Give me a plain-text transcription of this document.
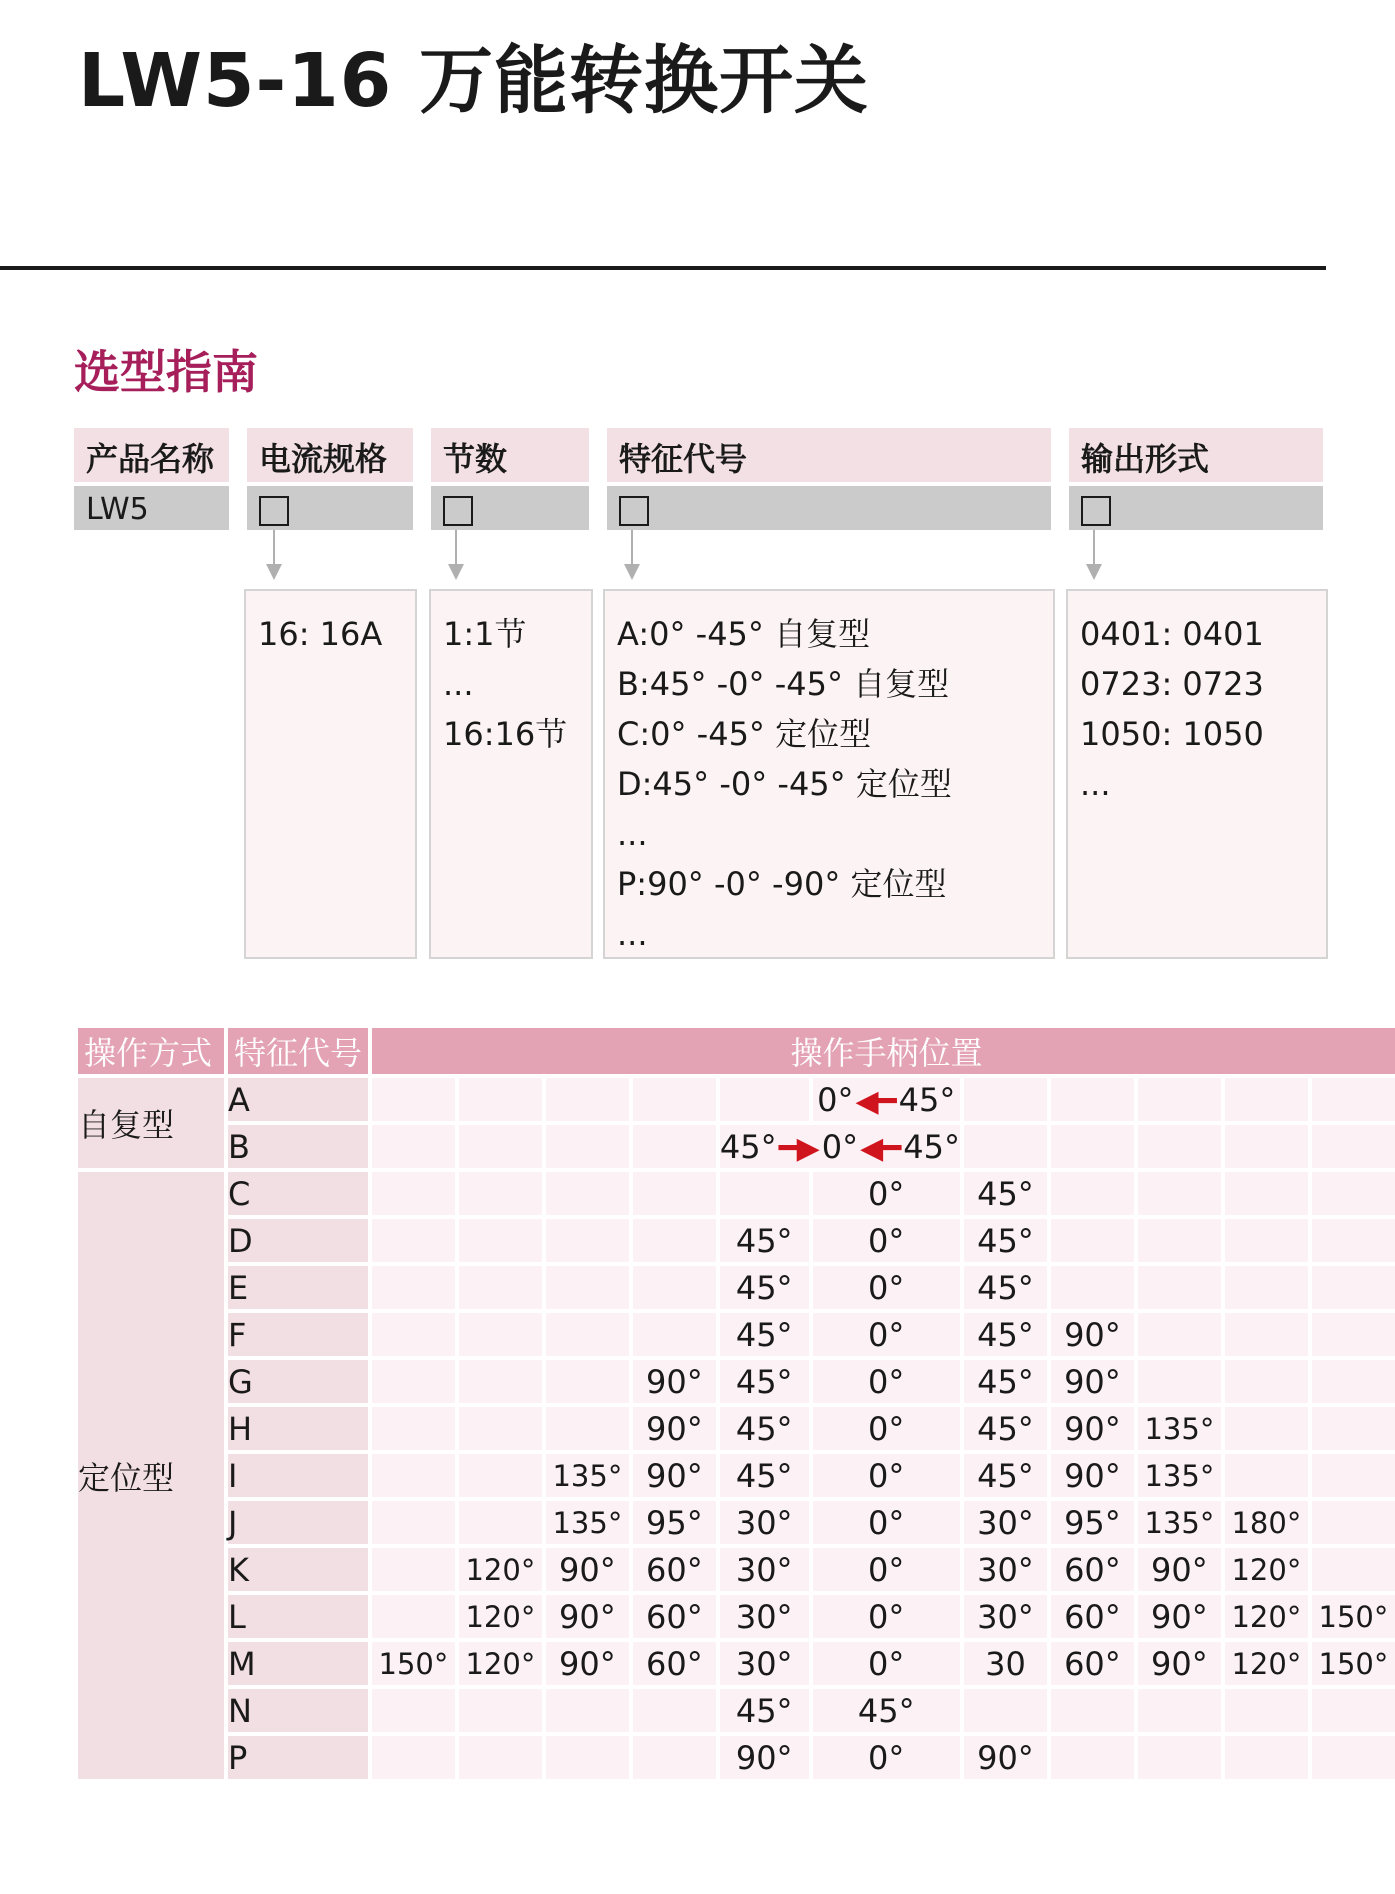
LW5-16 万能转换开关
选型指南
产品名称	电流规格	节数	特征代号	输出形式
LW5
16: 16A	1:1节
...
16:16节
A:0° -45° 自复型
B:45° -0° -45° 自复型
C:0° -45° 定位型
D:45° -0° -45° 定位型
...
P:90° -0° -90° 定位型
...
0401: 0401
0723: 0723
1050: 1050
...
操作方式	特征代号	操作手柄位置										
自复型	A						0°◀━45°					
	B					45°━▶0°◀━45°						
定位型	C						0°	45°				
	D					45°	0°	45°				
	E					45°	0°	45°				
	F					45°	0°	45°	90°			
	G				90°	45°	0°	45°	90°			
	H				90°	45°	0°	45°	90°	135°		
	I			135°	90°	45°	0°	45°	90°	135°		
	J			135°	95°	30°	0°	30°	95°	135°	180°	
	K		120°	90°	60°	30°	0°	30°	60°	90°	120°	
	L		120°	90°	60°	30°	0°	30°	60°	90°	120°	150°
	M	150°	120°	90°	60°	30°	0°	30	60°	90°	120°	150°
	N					45°	45°					
	P					90°	0°	90°				
